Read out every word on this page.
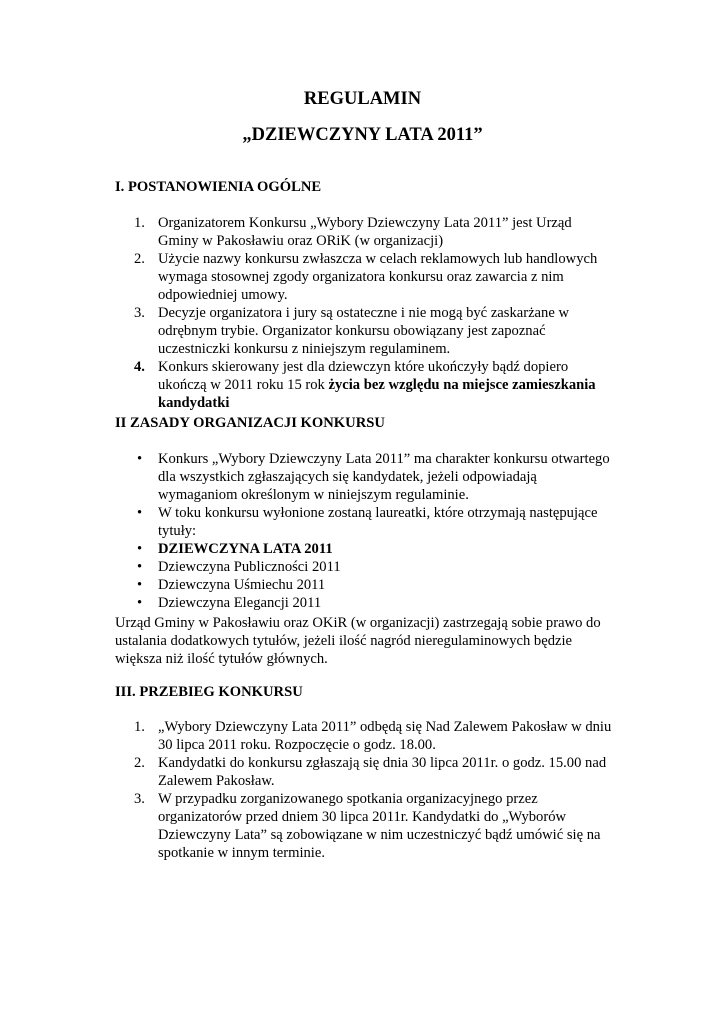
REGULAMIN
„DZIEWCZYNY LATA 2011”
I. POSTANOWIENIA OGÓLNE
1. Organizatorem Konkursu „Wybory Dziewczyny Lata 2011” jest Urząd Gminy w Pakosławiu oraz ORiK (w organizacji)
2. Użycie nazwy konkursu zwłaszcza w celach reklamowych lub handlowych wymaga stosownej zgody organizatora konkursu oraz zawarcia z nim odpowiedniej umowy.
3. Decyzje organizatora i jury są ostateczne i nie mogą być zaskarżane w odrębnym trybie. Organizator konkursu obowiązany jest zapoznać uczestniczki konkursu z niniejszym regulaminem.
4. Konkurs skierowany jest dla dziewczyn które ukończyły bądź dopiero ukończą w 2011 roku 15 rok życia bez względu na miejsce zamieszkania kandydatki
II ZASADY ORGANIZACJI KONKURSU
•	Konkurs „Wybory Dziewczyny Lata 2011” ma charakter konkursu otwartego dla wszystkich zgłaszających się kandydatek, jeżeli odpowiadają wymaganiom określonym w niniejszym regulaminie.
•	W toku konkursu wyłonione zostaną laureatki, które otrzymają następujące tytuły:
•	DZIEWCZYNA LATA 2011
•	Dziewczyna Publiczności 2011
•	Dziewczyna Uśmiechu 2011
•	Dziewczyna Elegancji 2011
Urząd Gminy w Pakosławiu oraz OKiR (w organizacji) zastrzegają sobie prawo do ustalania dodatkowych tytułów, jeżeli ilość nagród nieregulaminowych będzie większa niż ilość tytułów głównych.
III. PRZEBIEG KONKURSU
1. „Wybory Dziewczyny Lata 2011” odbędą się Nad Zalewem Pakosław w dniu 30 lipca 2011 roku. Rozpoczęcie o godz. 18.00.
2. Kandydatki do konkursu zgłaszają się dnia 30 lipca 2011r. o godz. 15.00 nad Zalewem Pakosław.
3. W przypadku zorganizowanego spotkania organizacyjnego przez organizatorów przed dniem 30 lipca 2011r. Kandydatki do „Wyborów Dziewczyny Lata” są zobowiązane w nim uczestniczyć bądź umówić się na spotkanie w innym terminie.
